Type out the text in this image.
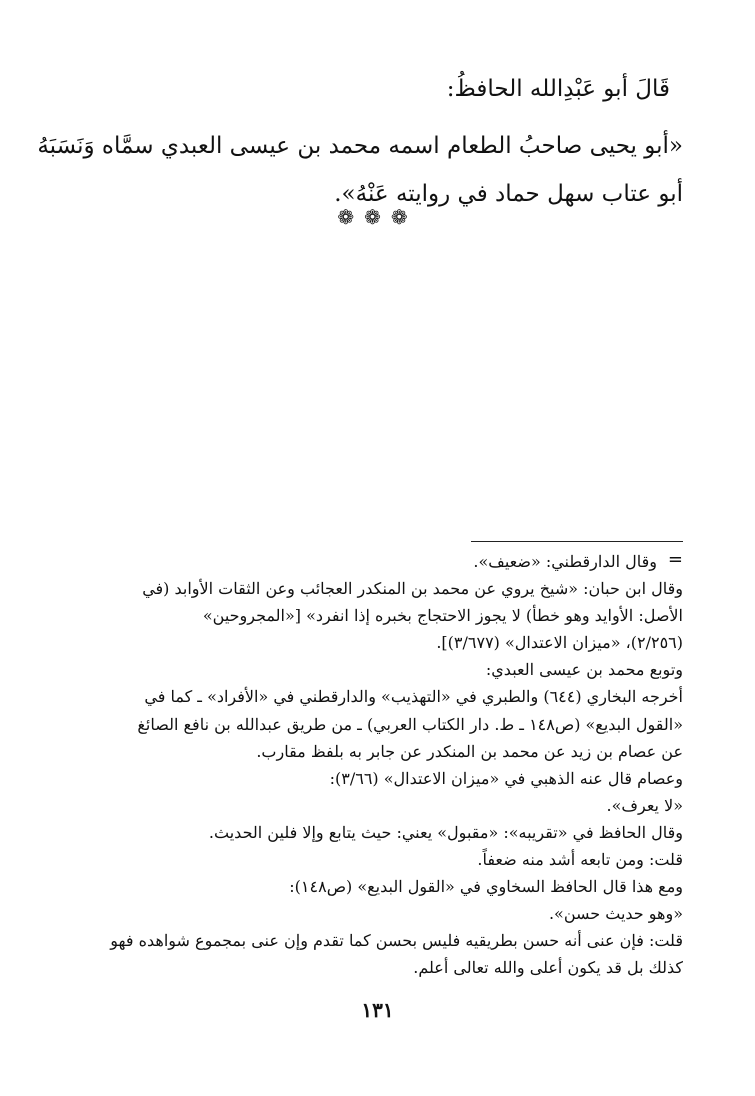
قَالَ أبو عَبْدِالله الحافظُ:
«أبو يحيى صاحبُ الطعام اسمه محمد بن عيسى العبدي سمَّاه وَنَسَبَهُ
أبو عتاب سهل حماد في روايته عَنْهُ».
❁❁❁
وقال الدارقطني: «ضعيف».
وقال ابن حبان: «شيخ يروي عن محمد بن المنكدر العجائب وعن الثقات الأوابد (في
الأصل: الأوايد وهو خطأ) لا يجوز الاحتجاج بخبره إذا انفرد» [«المجروحين»
(٢/٢٥٦)، «ميزان الاعتدال» (٣/٦٧٧)].
وتوبع محمد بن عيسى العبدي:
أخرجه البخاري (٦٤٤) والطبري في «التهذيب» والدارقطني في «الأفراد» ـ كما في
«القول البديع» (ص١٤٨ ـ ط. دار الكتاب العربي) ـ من طريق عبدالله بن نافع الصائغ
عن عصام بن زيد عن محمد بن المنكدر عن جابر به بلفظ مقارب.
وعصام قال عنه الذهبي في «ميزان الاعتدال» (٣/٦٦):
«لا يعرف».
وقال الحافظ في «تقريبه»: «مقبول» يعني: حيث يتابع وإلا فلين الحديث.
قلت: ومن تابعه أشد منه ضعفاً.
ومع هذا قال الحافظ السخاوي في «القول البديع» (ص١٤٨):
«وهو حديث حسن».
قلت: فإن عنى أنه حسن بطريقيه فليس بحسن كما تقدم وإن عنى بمجموع شواهده فهو
كذلك بل قد يكون أعلى والله تعالى أعلم.
=
١٣١
